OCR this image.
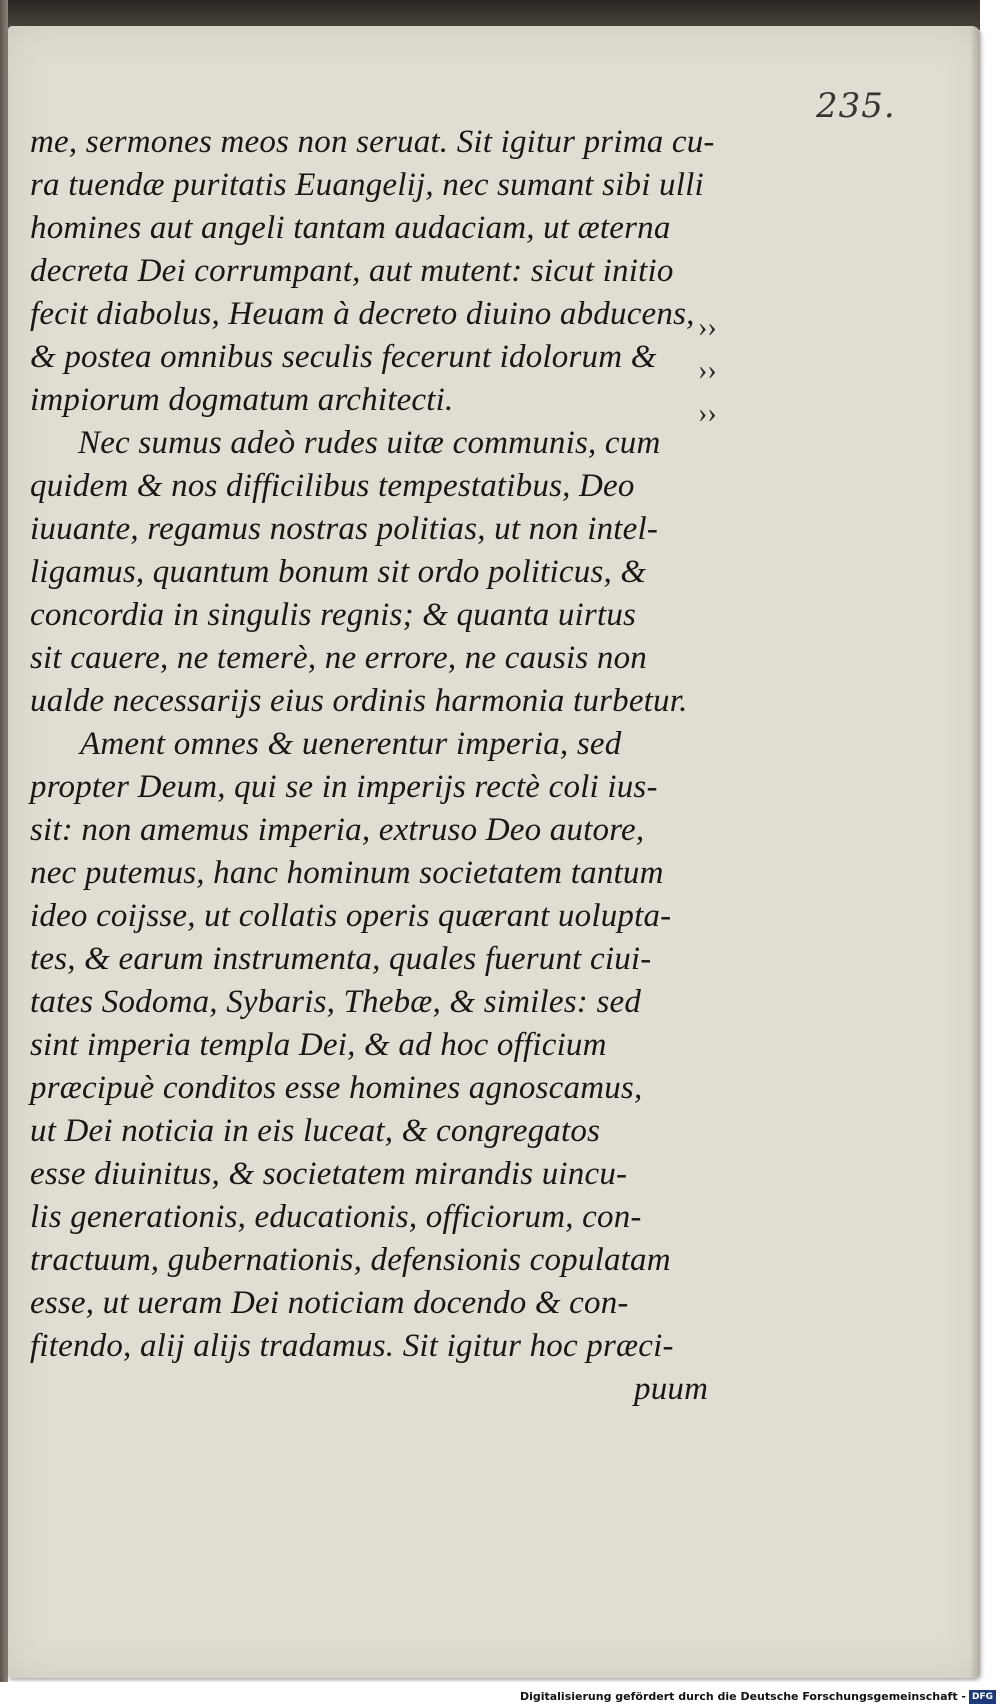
235.
me, sermones meos non seruat. Sit igitur prima cu-
ra tuendæ puritatis Euangelij, nec sumant sibi ulli
homines aut angeli tantam audaciam, ut æterna
decreta Dei corrumpant, aut mutent: sicut initio
fecit diabolus, Heuam à decreto diuino abducens,
& postea omnibus seculis fecerunt idolorum &
impiorum dogmatum architecti.
Nec sumus adeò rudes uitæ communis, cum
quidem & nos difficilibus tempestatibus, Deo
iuuante, regamus nostras politias, ut non intel-
ligamus, quantum bonum sit ordo politicus, &
concordia in singulis regnis; & quanta uirtus
sit cauere, ne temerè, ne errore, ne causis non
ualde necessarijs eius ordinis harmonia turbetur.
Ament omnes & uenerentur imperia, sed
propter Deum, qui se in imperijs rectè coli ius-
sit: non amemus imperia, extruso Deo autore,
nec putemus, hanc hominum societatem tantum
ideo coijsse, ut collatis operis quærant uolupta-
tes, & earum instrumenta, quales fuerunt ciui-
tates Sodoma, Sybaris, Thebæ, & similes: sed
sint imperia templa Dei, & ad hoc officium
præcipuè conditos esse homines agnoscamus,
ut Dei noticia in eis luceat, & congregatos
esse diuinitus, & societatem mirandis uincu-
lis generationis, educationis, officiorum, con-
tractuum, gubernationis, defensionis copulatam
esse, ut ueram Dei noticiam docendo & con-
fitendo, alij alijs tradamus. Sit igitur hoc præci-
puum
››
››
››
Digitalisierung gefördert durch die Deutsche Forschungsgemeinschaft - DFG
